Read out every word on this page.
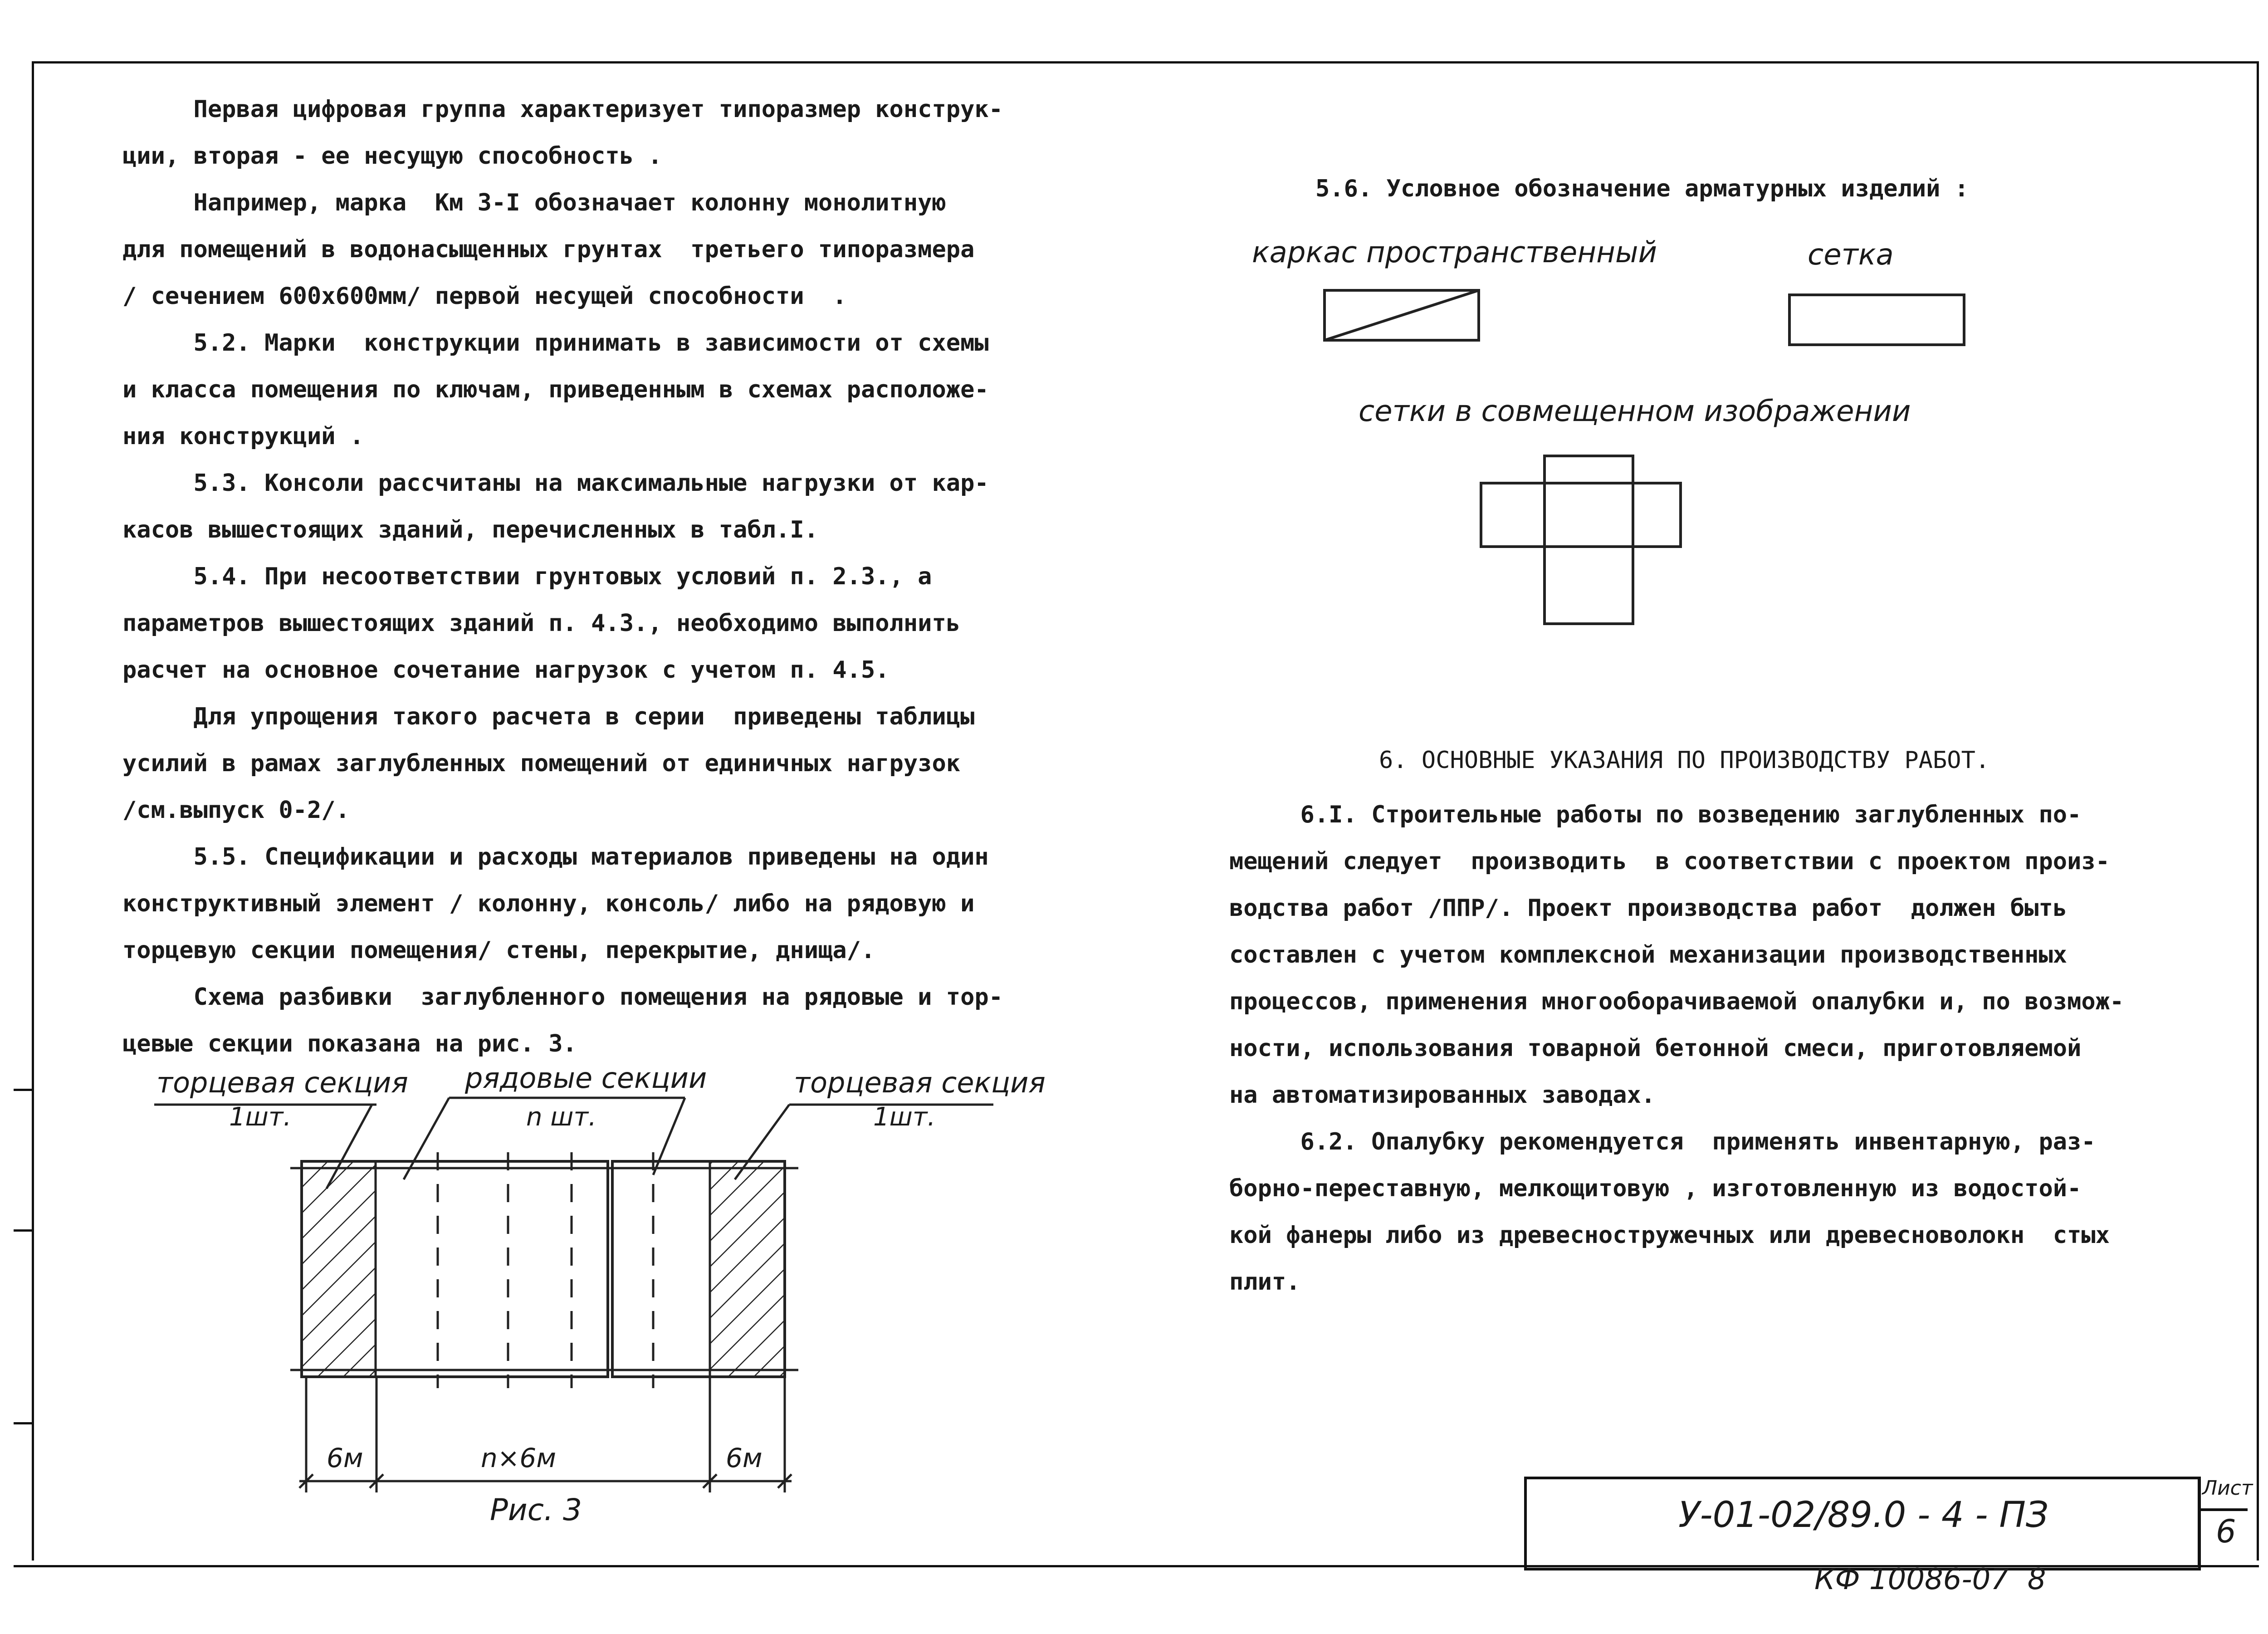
Первая цифровая группа характеризует типоразмер конструк-
ции, вторая - ее несущую способность .
Например, марка  Км З-I обозначает колонну монолитную
для помещений в водонасыщенных грунтах  третьего типоразмера
/ сечением 600х600мм/ первой несущей способности  .
5.2. Марки  конструкции принимать в зависимости от схемы
и класса помещения по ключам, приведенным в схемах расположе-
ния конструкций .
5.3. Консоли рассчитаны на максимальные нагрузки от кар-
касов вышестоящих зданий, перечисленных в табл.I.
5.4. При несоответствии грунтовых условий п. 2.3., а
параметров вышестоящих зданий п. 4.3., необходимо выполнить
расчет на основное сочетание нагрузок с учетом п. 4.5.
Для упрощения такого расчета в серии  приведены таблицы
усилий в рамах заглубленных помещений от единичных нагрузок
/см.выпуск 0-2/.
5.5. Спецификации и расходы материалов приведены на один
конструктивный элемент / колонну, консоль/ либо на рядовую и
торцевую секции помещения/ стены, перекрытие, днища/.
Схема разбивки  заглубленного помещения на рядовые и тор-
цевые секции показана на рис. 3.
торцевая секция
1шт.
рядовые секции
n шт.
торцевая секция
1шт.
6м	n×6м	6м
Рис. 3
5.6. Условное обозначение арматурных изделий :
каркас пространственный	сетка
сетки в совмещенном изображении
6. ОСНОВНЫЕ УКАЗАНИЯ ПО ПРОИЗВОДСТВУ РАБОТ.
6.I. Строительные работы по возведению заглубленных по-
мещений следует  производить  в соответствии с проектом произ-
водства работ /ППР/. Проект производства работ  должен быть
составлен с учетом комплексной механизации производственных
процессов, применения многооборачиваемой опалубки и, по возмож-
ности, использования товарной бетонной смеси, приготовляемой
на автоматизированных заводах.
6.2. Опалубку рекомендуется  применять инвентарную, раз-
борно-переставную, мелкощитовую , изготовленную из водостой-
кой фанеры либо из древесностружечных или древесноволокн  стых
плит.
У-01-02/89.0 - 4 - ПЗ
Лист
6
КФ 10086-07  8
